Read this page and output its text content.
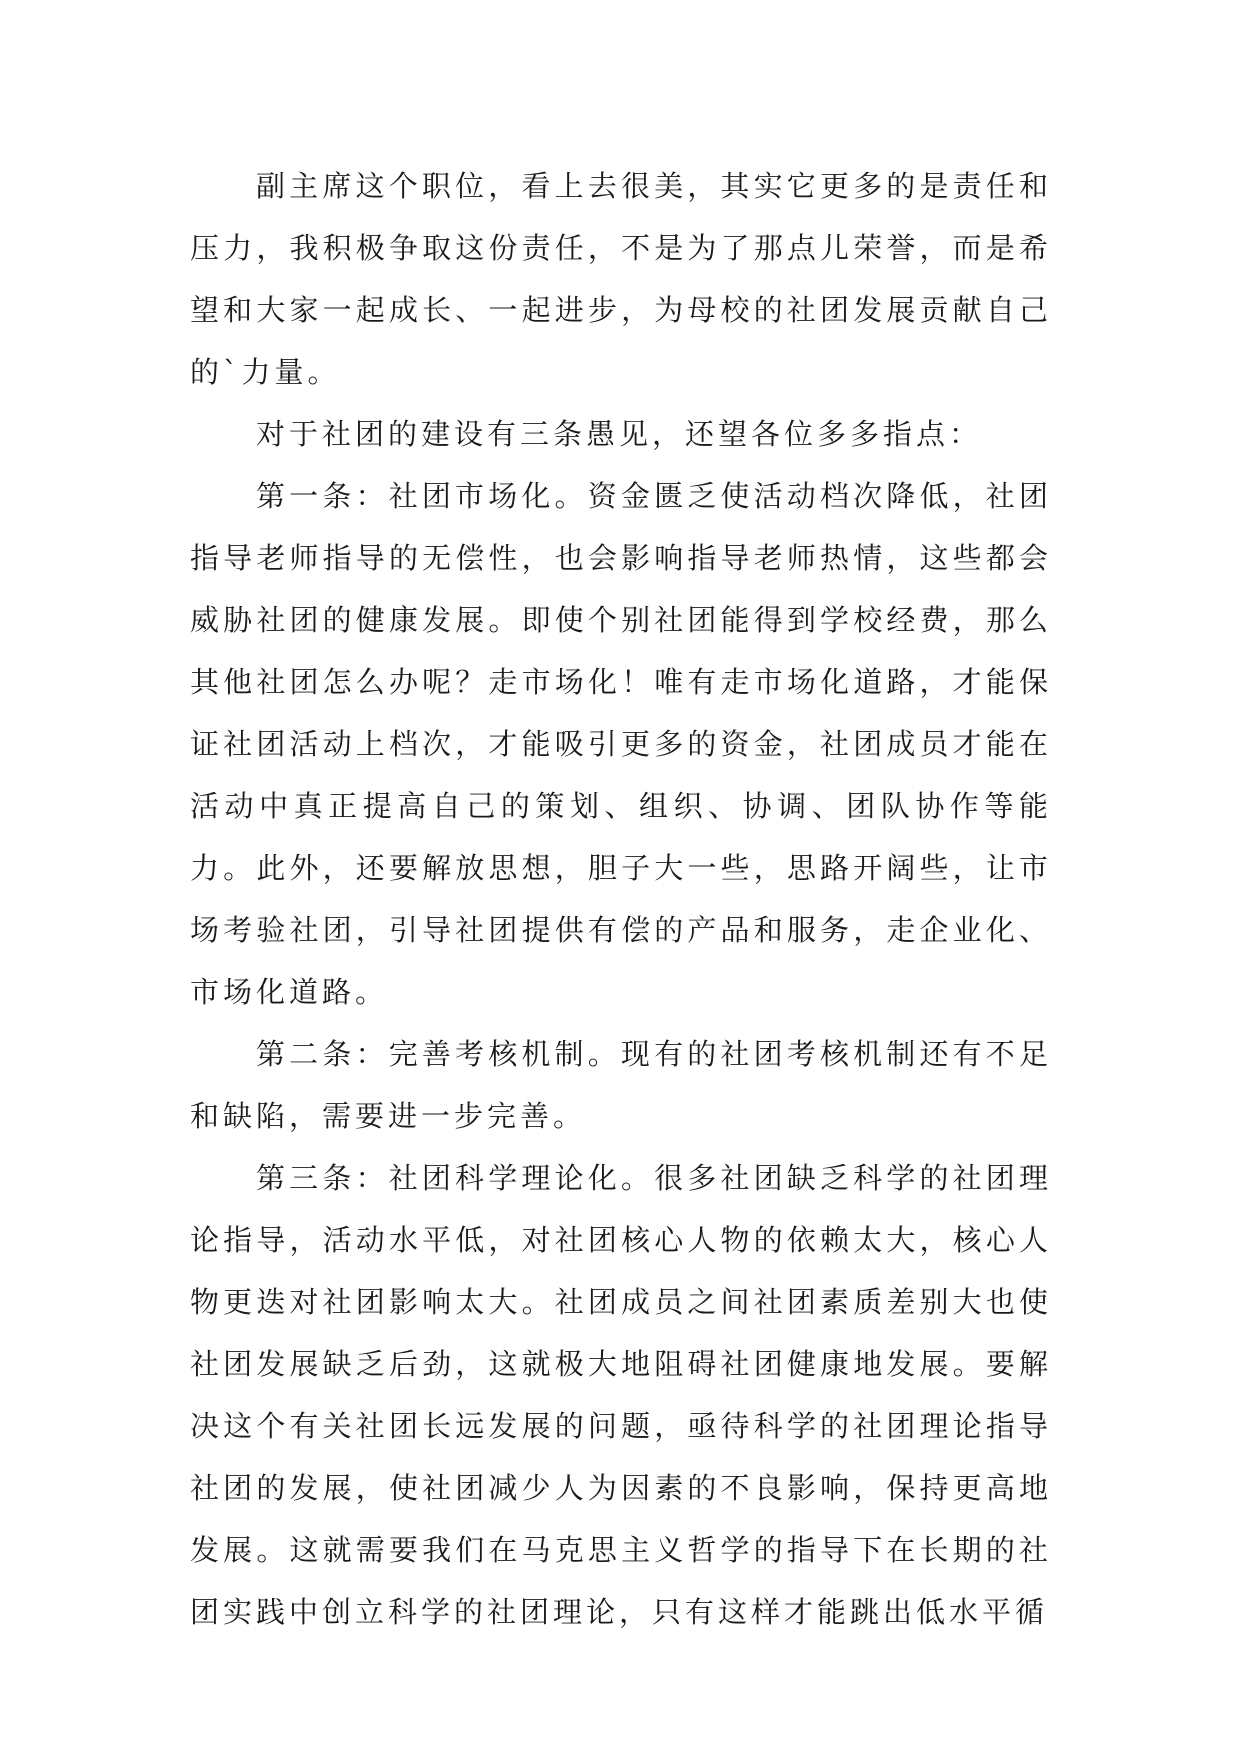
副主席这个职位，看上去很美，其实它更多的是责任和压力，我积极争取这份责任，不是为了那点儿荣誉，而是希望和大家一起成长、一起进步，为母校的社团发展贡献自己的`力量。

对于社团的建设有三条愚见，还望各位多多指点：

第一条：社团市场化。资金匮乏使活动档次降低，社团指导老师指导的无偿性，也会影响指导老师热情，这些都会威胁社团的健康发展。即使个别社团能得到学校经费，那么其他社团怎么办呢？走市场化！唯有走市场化道路，才能保证社团活动上档次，才能吸引更多的资金，社团成员才能在活动中真正提高自己的策划、组织、协调、团队协作等能力。此外，还要解放思想，胆子大一些，思路开阔些，让市场考验社团，引导社团提供有偿的产品和服务，走企业化、市场化道路。

第二条：完善考核机制。现有的社团考核机制还有不足和缺陷，需要进一步完善。

第三条：社团科学理论化。很多社团缺乏科学的社团理论指导，活动水平低，对社团核心人物的依赖太大，核心人物更迭对社团影响太大。社团成员之间社团素质差别大也使社团发展缺乏后劲，这就极大地阻碍社团健康地发展。要解决这个有关社团长远发展的问题，亟待科学的社团理论指导社团的发展，使社团减少人为因素的不良影响，保持更高地发展。这就需要我们在马克思主义哲学的指导下在长期的社团实践中创立科学的社团理论，只有这样才能跳出低水平循
